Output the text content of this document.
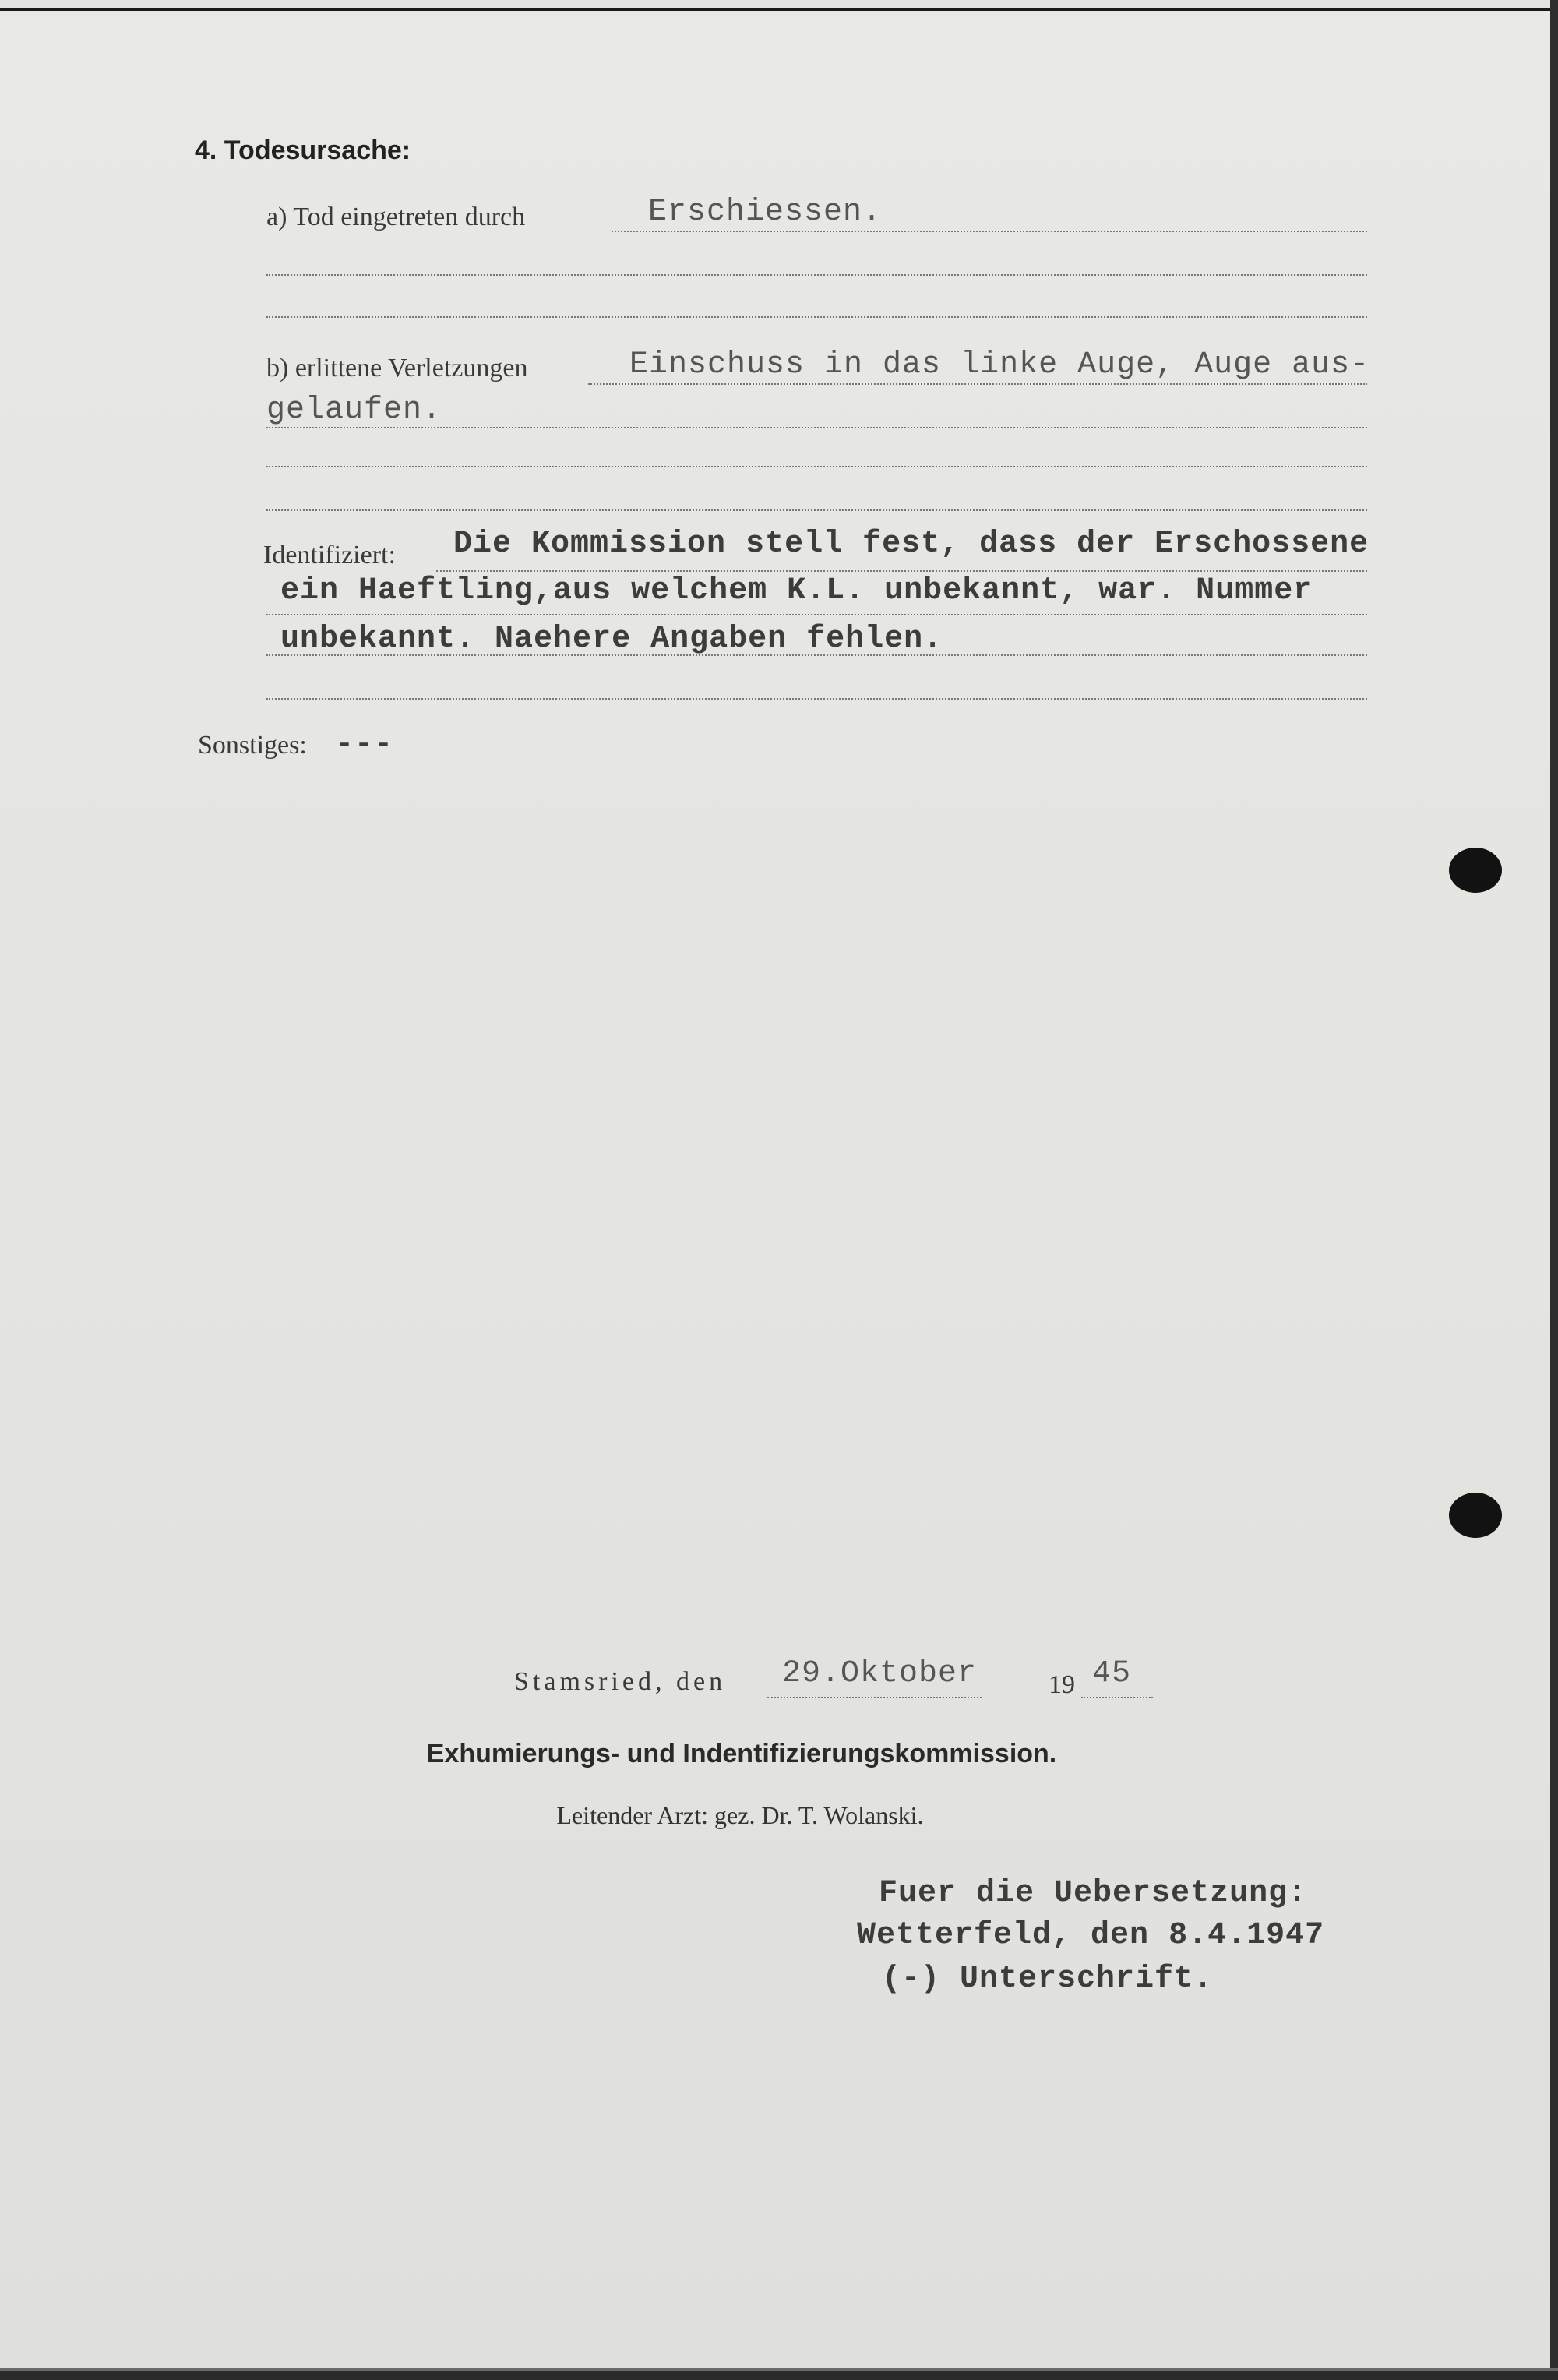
4. Todesursache:
a) Tod eingetreten durch	Erschiessen.
b) erlittene Verletzungen	Einschuss in das linke Auge, Auge aus-
gelaufen.
Identifiziert: Die Kommission stell fest, dass der Erschossene
ein Haeftling,aus welchem K.L. unbekannt, war. Nummer
unbekannt. Naehere Angaben fehlen.
Sonstiges: ---
Stamsried, den 29.Oktober	19 45
Exhumierungs- und Indentifizierungskommission.
Leitender Arzt: gez. Dr. T. Wolanski.
Fuer die Uebersetzung:
Wetterfeld, den 8.4.1947
(-) Unterschrift.
